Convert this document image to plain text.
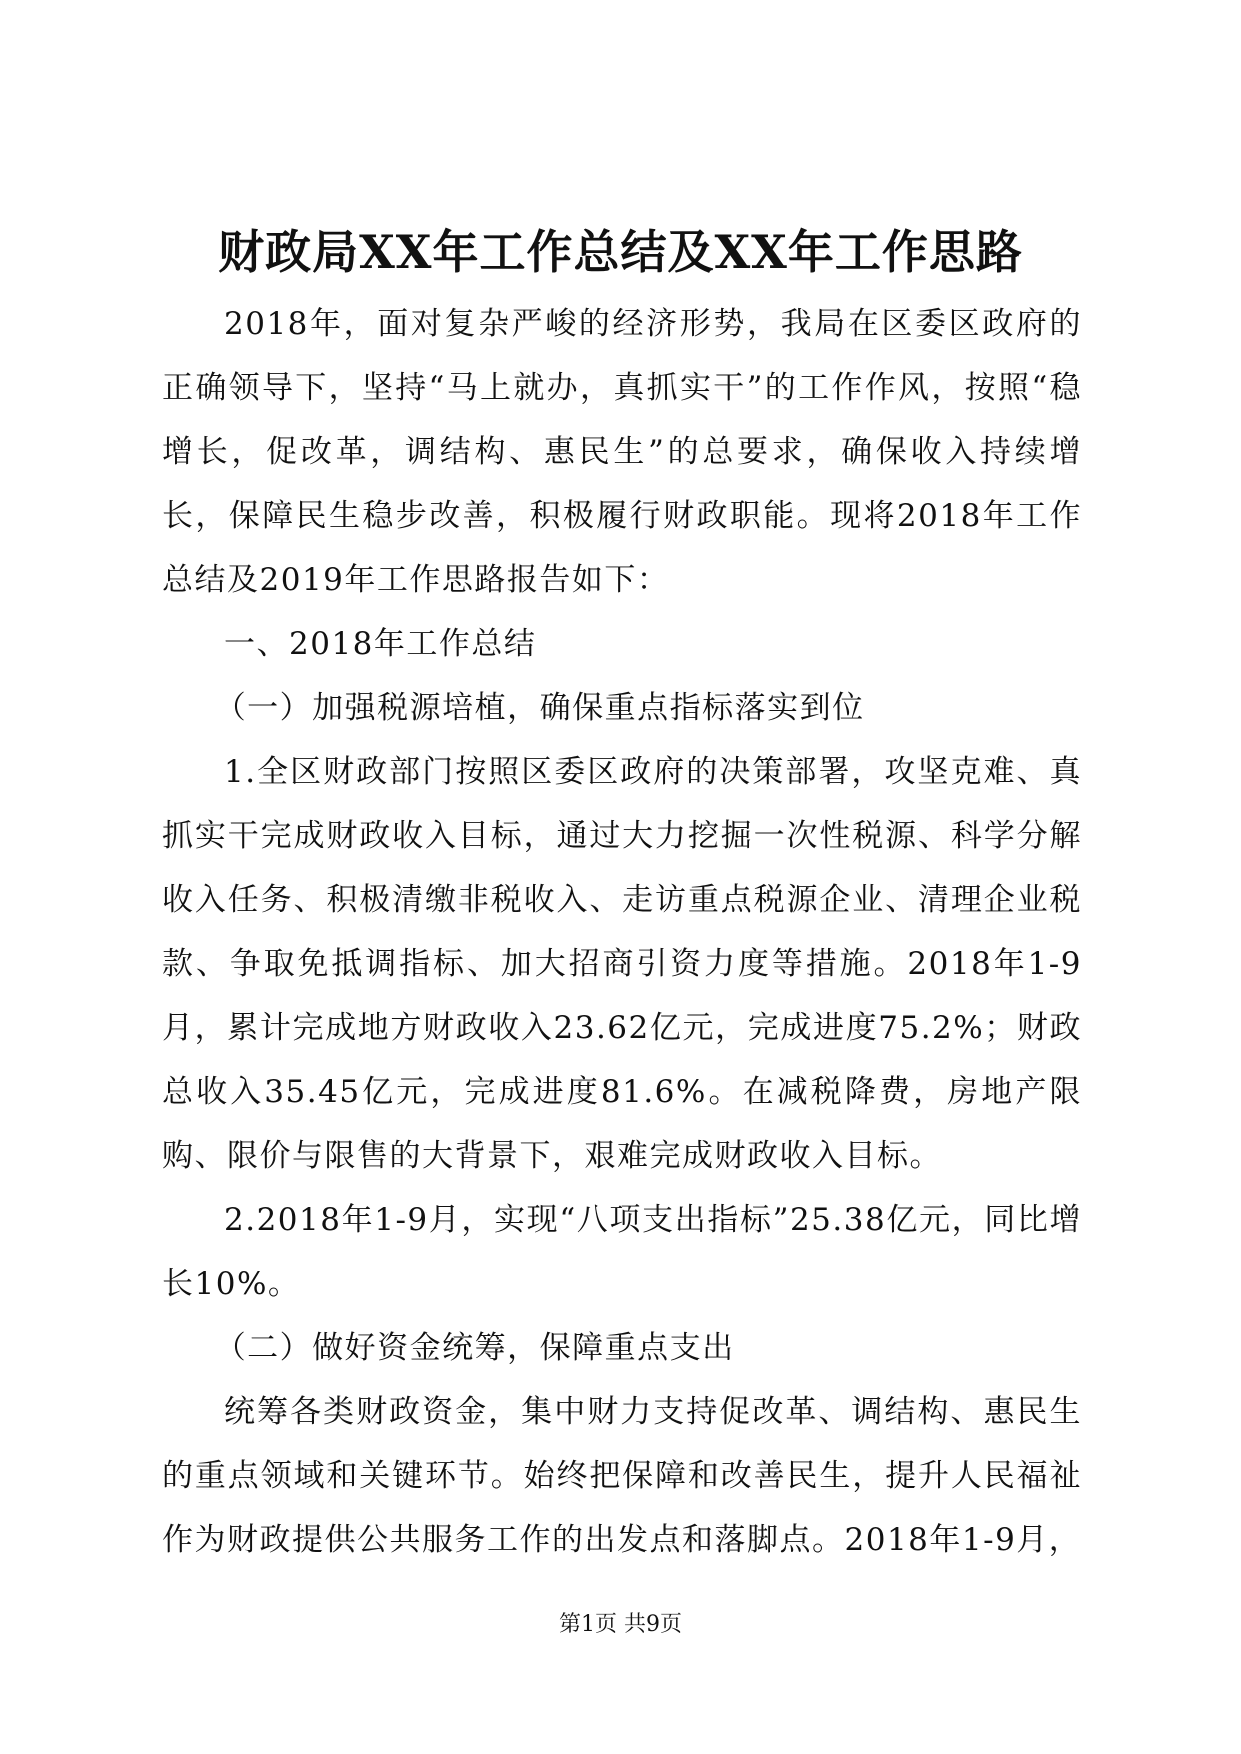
财政局XX年工作总结及XX年工作思路

2018年，面对复杂严峻的经济形势，我局在区委区政府的正确领导下，坚持“马上就办，真抓实干”的工作作风，按照“稳增长，促改革，调结构、惠民生”的总要求，确保收入持续增长，保障民生稳步改善，积极履行财政职能。现将2018年工作总结及2019年工作思路报告如下：

一、2018年工作总结

（一）加强税源培植，确保重点指标落实到位

1.全区财政部门按照区委区政府的决策部署，攻坚克难、真抓实干完成财政收入目标，通过大力挖掘一次性税源、科学分解收入任务、积极清缴非税收入、走访重点税源企业、清理企业税款、争取免抵调指标、加大招商引资力度等措施。2018年1-9月，累计完成地方财政收入23.62亿元，完成进度75.2%；财政总收入35.45亿元，完成进度81.6%。在减税降费，房地产限购、限价与限售的大背景下，艰难完成财政收入目标。

2.2018年1-9月，实现“八项支出指标”25.38亿元，同比增长10%。

（二）做好资金统筹，保障重点支出

统筹各类财政资金，集中财力支持促改革、调结构、惠民生的重点领域和关键环节。始终把保障和改善民生，提升人民福祉作为财政提供公共服务工作的出发点和落脚点。2018年1-9月，

第1页 共9页
